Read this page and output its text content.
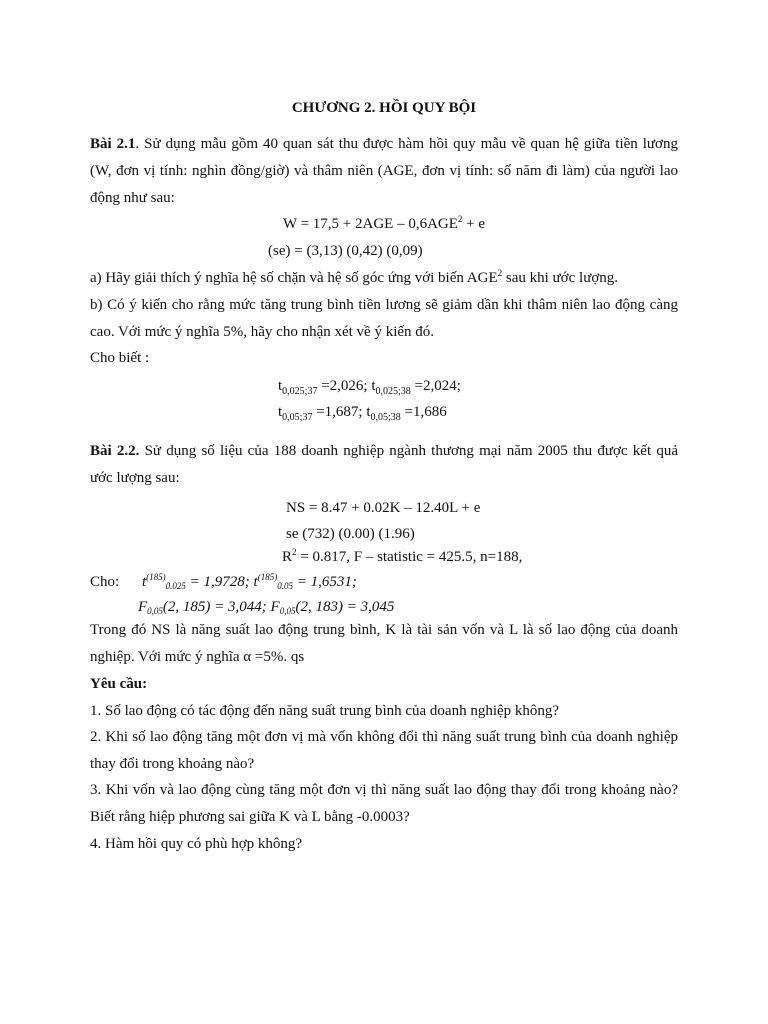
CHƯƠNG 2. HỒI QUY BỘI
Bài 2.1. Sử dụng mẫu gồm 40 quan sát thu được hàm hồi quy mẫu về quan hệ giữa tiền lương (W, đơn vị tính: nghìn đồng/giờ) và thâm niên (AGE, đơn vị tính: số năm đi làm) của người lao động như sau:
$W = 17,5 + 2AGE - 0,6AGE^2 + e$
(se) = (3,13) (0,42) (0,09)
a) Hãy giải thích ý nghĩa hệ số chặn và hệ số góc ứng với biến AGE$^2$ sau khi ước lượng.
b) Có ý kiến cho rằng mức tăng trung bình tiền lương sẽ giảm dần khi thâm niên lao động càng cao. Với mức ý nghĩa 5%, hãy cho nhận xét về ý kiến đó.
Cho biết :
$t_{0,025;37} =2,026$; $t_{0,025;38} =2,024$;
$t_{0,05;37} =1,687$; $t_{0,05;38} =1,686$
Bài 2.2. Sử dụng số liệu của 188 doanh nghiệp ngành thương mại năm 2005 thu được kết quả ước lượng sau:
NS = 8.47 + 0.02K – 12.40L + e
se (732) (0.00) (1.96)
$R^2 = 0.817$, F – statistic = 425.5, n=188,
Cho: $t^{(185)}_{0.025} = 1,9728$; $t^{(185)}_{0.05} = 1,6531$;
$F_{0,05}(2$, 185) = 3,044; $F_{0,05}(2$, 183) = 3,045
Trong đó NS là năng suất lao động trung bình, K là tài sản vốn và L là số lao động của doanh nghiệp. Với mức ý nghĩa α =5%. qs
Yêu cầu:
1. Số lao động có tác động đến năng suất trung bình của doanh nghiệp không?
2. Khi số lao động tăng một đơn vị mà vốn không đổi thì năng suất trung bình của doanh nghiệp thay đổi trong khoảng nào?
3. Khi vốn và lao động cùng tăng một đơn vị thì năng suất lao động thay đổi trong khoảng nào? Biết rằng hiệp phương sai giữa K và L bằng -0.0003?
4. Hàm hồi quy có phù hợp không?
